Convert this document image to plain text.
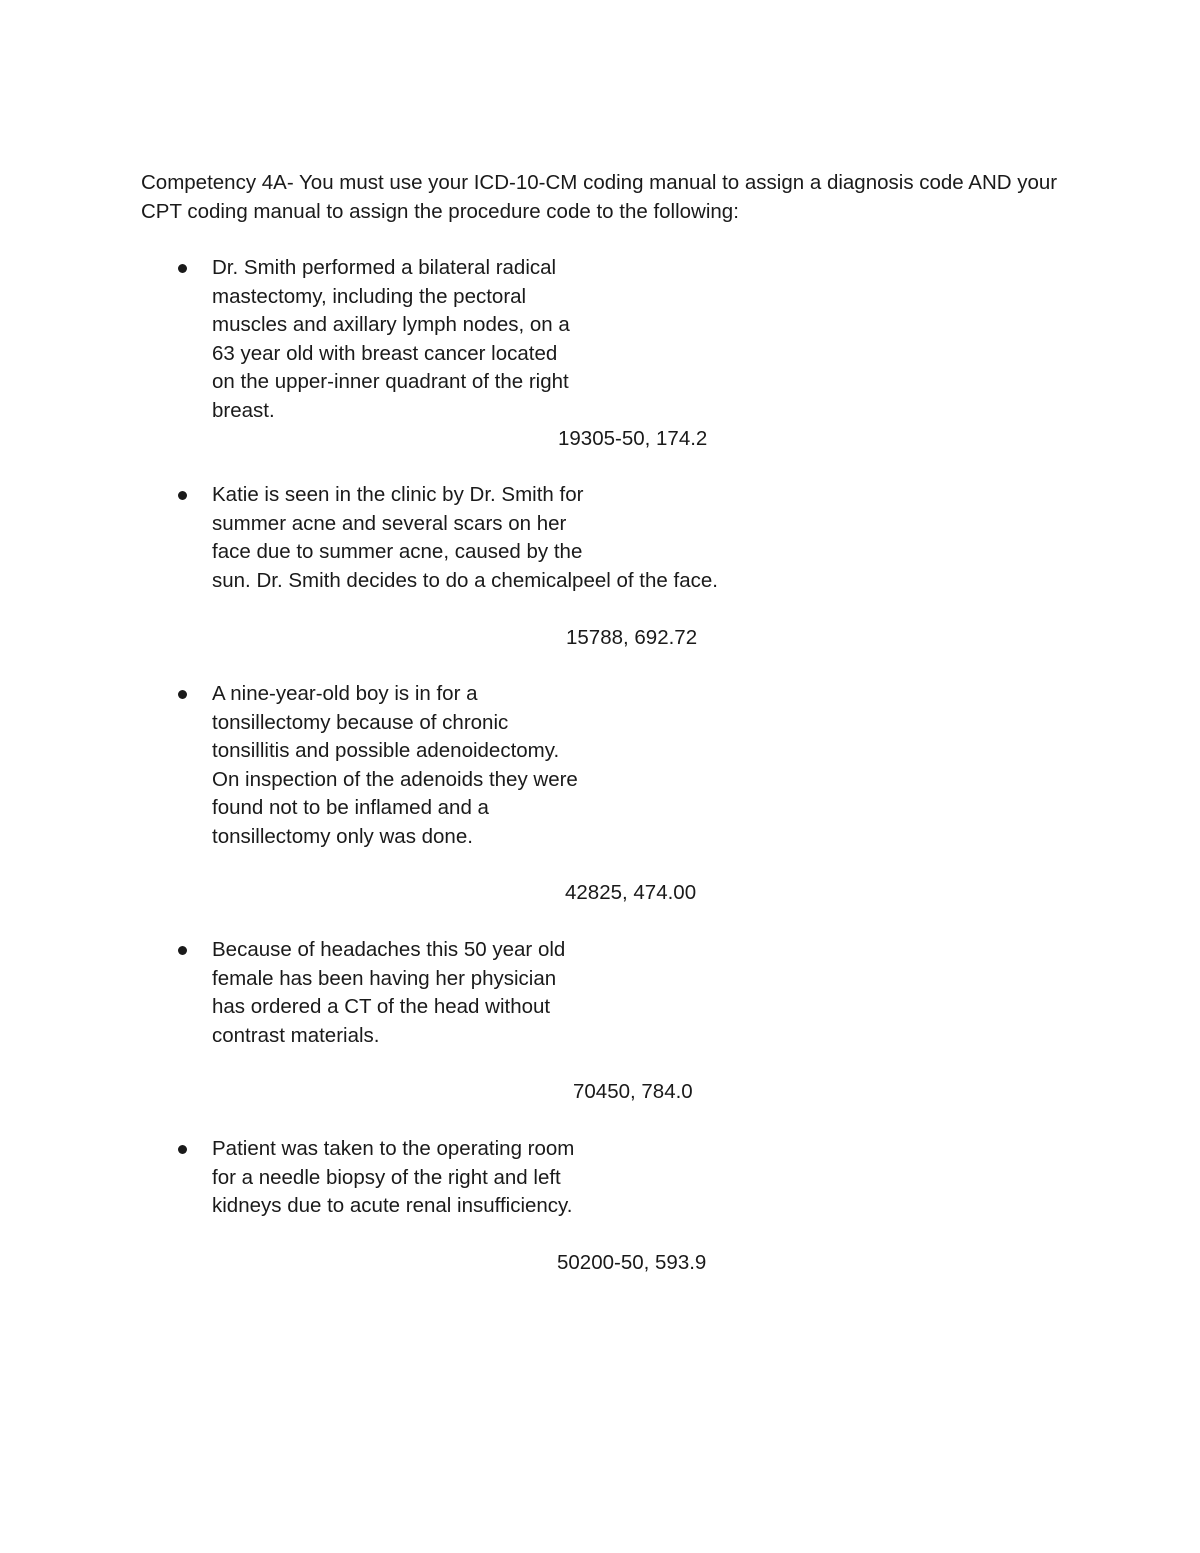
Competency 4A- You must use your ICD-10-CM coding manual to assign a diagnosis code AND your CPT coding manual to assign the procedure code to the following:

Dr. Smith performed a bilateral radical
mastectomy, including the pectoral
muscles and axillary lymph nodes, on a
63 year old with breast cancer located
on the upper-inner quadrant of the right
breast.

19305-50, 174.2

Katie is seen in the clinic by Dr. Smith for
summer acne and several scars on her
face due to summer acne, caused by the
sun. Dr. Smith decides to do a chemicalpeel of the face.

15788, 692.72

A nine-year-old boy is in for a
tonsillectomy because of chronic
tonsillitis and possible adenoidectomy.
On inspection of the adenoids they were
found not to be inflamed and a
tonsillectomy only was done.

42825, 474.00

Because of headaches this 50 year old
female has been having her physician
has ordered a CT of the head without
contrast materials.

70450, 784.0

Patient was taken to the operating room
for a needle biopsy of the right and left
kidneys due to acute renal insufficiency.

50200-50, 593.9
